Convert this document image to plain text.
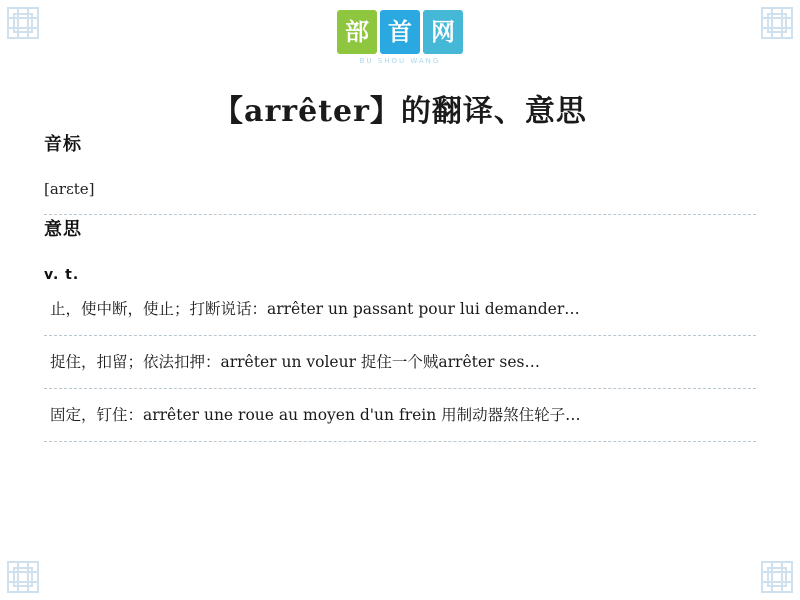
部 首 网
BU SHOU WANG
【arrêter】的翻译、意思
音标
[arɛte]
意思
v. t.
止，使中断，使止；打断说话：arrêter un passant pour lui demander…
捉住，扣留；依法扣押：arrêter un voleur 捉住一个贼arrêter ses…
固定，钉住：arrêter une roue au moyen d'un frein 用制动器煞住轮子…
